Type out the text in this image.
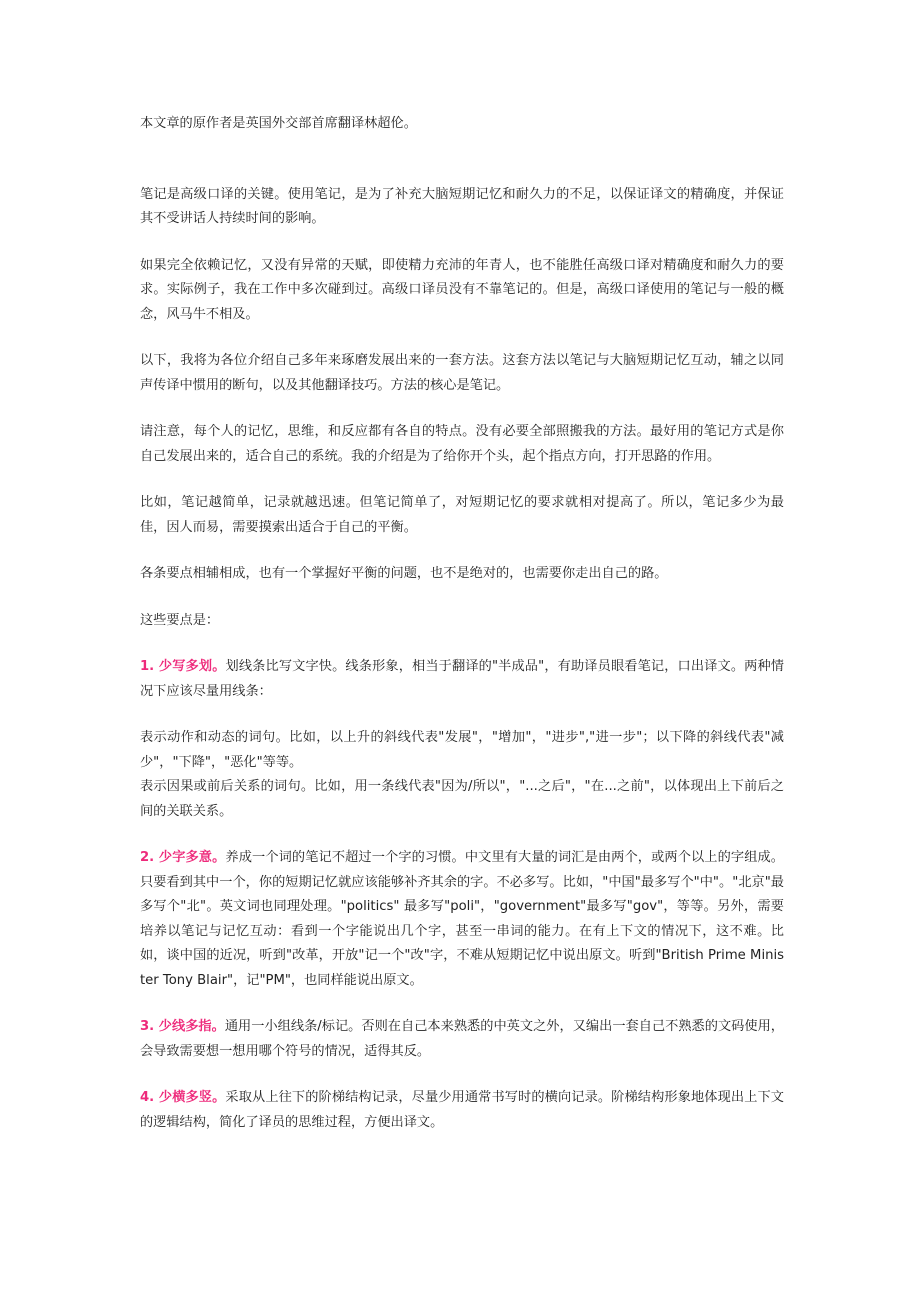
本文章的原作者是英国外交部首席翻译林超伦。

笔记是高级口译的关键。使用笔记，是为了补充大脑短期记忆和耐久力的不足，以保证译文的精确度，并保证其不受讲话人持续时间的影响。

如果完全依赖记忆，又没有异常的天赋，即使精力充沛的年青人，也不能胜任高级口译对精确度和耐久力的要求。实际例子，我在工作中多次碰到过。高级口译员没有不靠笔记的。但是，高级口译使用的笔记与一般的概念，风马牛不相及。

以下，我将为各位介绍自己多年来琢磨发展出来的一套方法。这套方法以笔记与大脑短期记忆互动，辅之以同声传译中惯用的断句，以及其他翻译技巧。方法的核心是笔记。

请注意，每个人的记忆，思维，和反应都有各自的特点。没有必要全部照搬我的方法。最好用的笔记方式是你自己发展出来的，适合自己的系统。我的介绍是为了给你开个头，起个指点方向，打开思路的作用。

比如，笔记越简单，记录就越迅速。但笔记简单了，对短期记忆的要求就相对提高了。所以，笔记多少为最佳，因人而易，需要摸索出适合于自己的平衡。

各条要点相辅相成，也有一个掌握好平衡的问题，也不是绝对的，也需要你走出自己的路。

这些要点是：

1. 少写多划。划线条比写文字快。线条形象，相当于翻译的"半成品"，有助译员眼看笔记，口出译文。两种情况下应该尽量用线条：

表示动作和动态的词句。比如，以上升的斜线代表"发展"，"增加"，"进步","进一步"；以下降的斜线代表"减少"，"下降"，"恶化"等等。

表示因果或前后关系的词句。比如，用一条线代表"因为/所以"，"...之后"，"在...之前"，以体现出上下前后之间的关联关系。

2. 少字多意。养成一个词的笔记不超过一个字的习惯。中文里有大量的词汇是由两个，或两个以上的字组成。只要看到其中一个，你的短期记忆就应该能够补齐其余的字。不必多写。比如，"中国"最多写个"中"。"北京"最多写个"北"。英文词也同理处理。"politics" 最多写"poli"，"government"最多写"gov"，等等。另外，需要培养以笔记与记忆互动：看到一个字能说出几个字，甚至一串词的能力。在有上下文的情况下，这不难。比如，谈中国的近况，听到"改革，开放"记一个"改"字，不难从短期记忆中说出原文。听到"British Prime Minister Tony Blair"，记"PM"，也同样能说出原文。

3. 少线多指。通用一小组线条/标记。否则在自己本来熟悉的中英文之外，又编出一套自己不熟悉的文码使用，会导致需要想一想用哪个符号的情况，适得其反。

4. 少横多竖。采取从上往下的阶梯结构记录，尽量少用通常书写时的横向记录。阶梯结构形象地体现出上下文的逻辑结构，简化了译员的思维过程，方便出译文。
